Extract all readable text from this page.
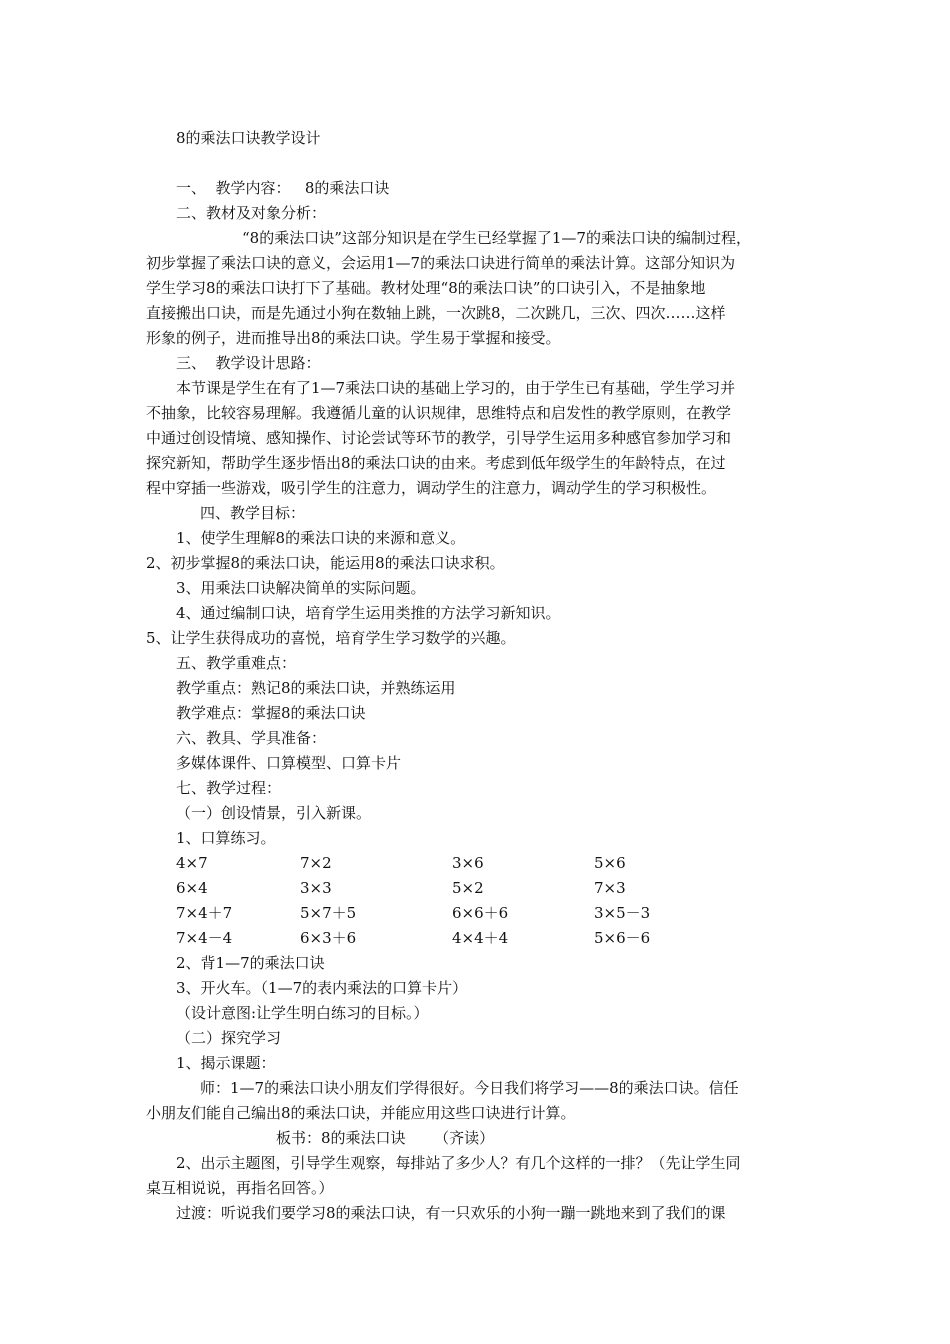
8的乘法口诀教学设计
一、  教学内容：   8的乘法口诀
二、教材及对象分析：
“8的乘法口诀”这部分知识是在学生已经掌握了1—7的乘法口诀的编制过程，
初步掌握了乘法口诀的意义，会运用1—7的乘法口诀进行简单的乘法计算。这部分知识为
学生学习8的乘法口诀打下了基础。教材处理“8的乘法口诀”的口诀引入，不是抽象地
直接搬出口诀，而是先通过小狗在数轴上跳，一次跳8，二次跳几，三次、四次……这样
形象的例子，进而推导出8的乘法口诀。学生易于掌握和接受。
三、  教学设计思路：
本节课是学生在有了1—7乘法口诀的基础上学习的，由于学生已有基础，学生学习并
不抽象，比较容易理解。我遵循儿童的认识规律，思维特点和启发性的教学原则，在教学
中通过创设情境、感知操作、讨论尝试等环节的教学，引导学生运用多种感官参加学习和
探究新知，帮助学生逐步悟出8的乘法口诀的由来。考虑到低年级学生的年龄特点，在过
程中穿插一些游戏，吸引学生的注意力，调动学生的注意力，调动学生的学习积极性。
四、教学目标：
1、使学生理解8的乘法口诀的来源和意义。
2、初步掌握8的乘法口诀，能运用8的乘法口诀求积。
3、用乘法口诀解决简单的实际问题。
4、通过编制口诀，培育学生运用类推的方法学习新知识。
5、让学生获得成功的喜悦，培育学生学习数学的兴趣。
五、教学重难点：
教学重点：熟记8的乘法口诀，并熟练运用
教学难点：掌握8的乘法口诀
六、教具、学具准备：
多媒体课件、口算模型、口算卡片
七、教学过程：
（一）创设情景，引入新课。
1、口算练习。
4×7	7×2	3×6	5×6
6×4	3×3	5×2	7×3
7×4＋7	5×7＋5	6×6＋6	3×5－3
7×4－4	6×3＋6	4×4＋4	5×6－6
2、背1—7的乘法口诀
3、开火车。（1—7的表内乘法的口算卡片）
（设计意图:让学生明白练习的目标。）
（二）探究学习
1、揭示课题：
师：1—7的乘法口诀小朋友们学得很好。今日我们将学习——8的乘法口诀。信任
小朋友们能自己编出8的乘法口诀，并能应用这些口诀进行计算。
板书：8的乘法口诀      （齐读）
2、出示主题图，引导学生观察，每排站了多少人？有几个这样的一排？（先让学生同
桌互相说说，再指名回答。）
过渡：听说我们要学习8的乘法口诀，有一只欢乐的小狗一蹦一跳地来到了我们的课
